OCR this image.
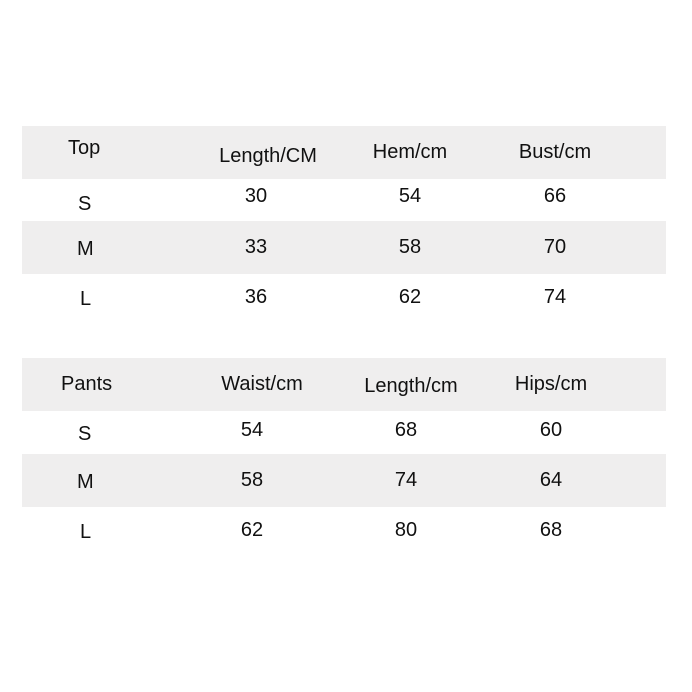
Top	Length/CM	Hem/cm	Bust/cm
S	30	54	66
M	33	58	70
L	36	62	74
Pants	Waist/cm	Length/cm	Hips/cm
S	54	68	60
M	58	74	64
L	62	80	68
